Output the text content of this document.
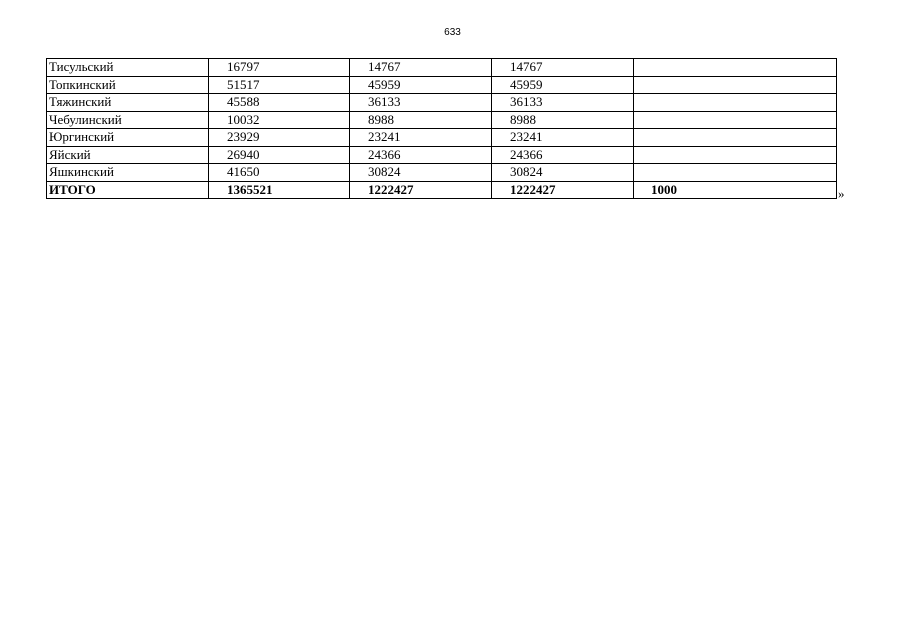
633
Тисульский	16797	14767	14767	
Топкинский	51517	45959	45959	
Тяжинский	45588	36133	36133	
Чебулинский	10032	8988	8988	
Юргинский	23929	23241	23241	
Яйский	26940	24366	24366	
Яшкинский	41650	30824	30824	
ИТОГО	1365521	1222427	1222427	1000	»
